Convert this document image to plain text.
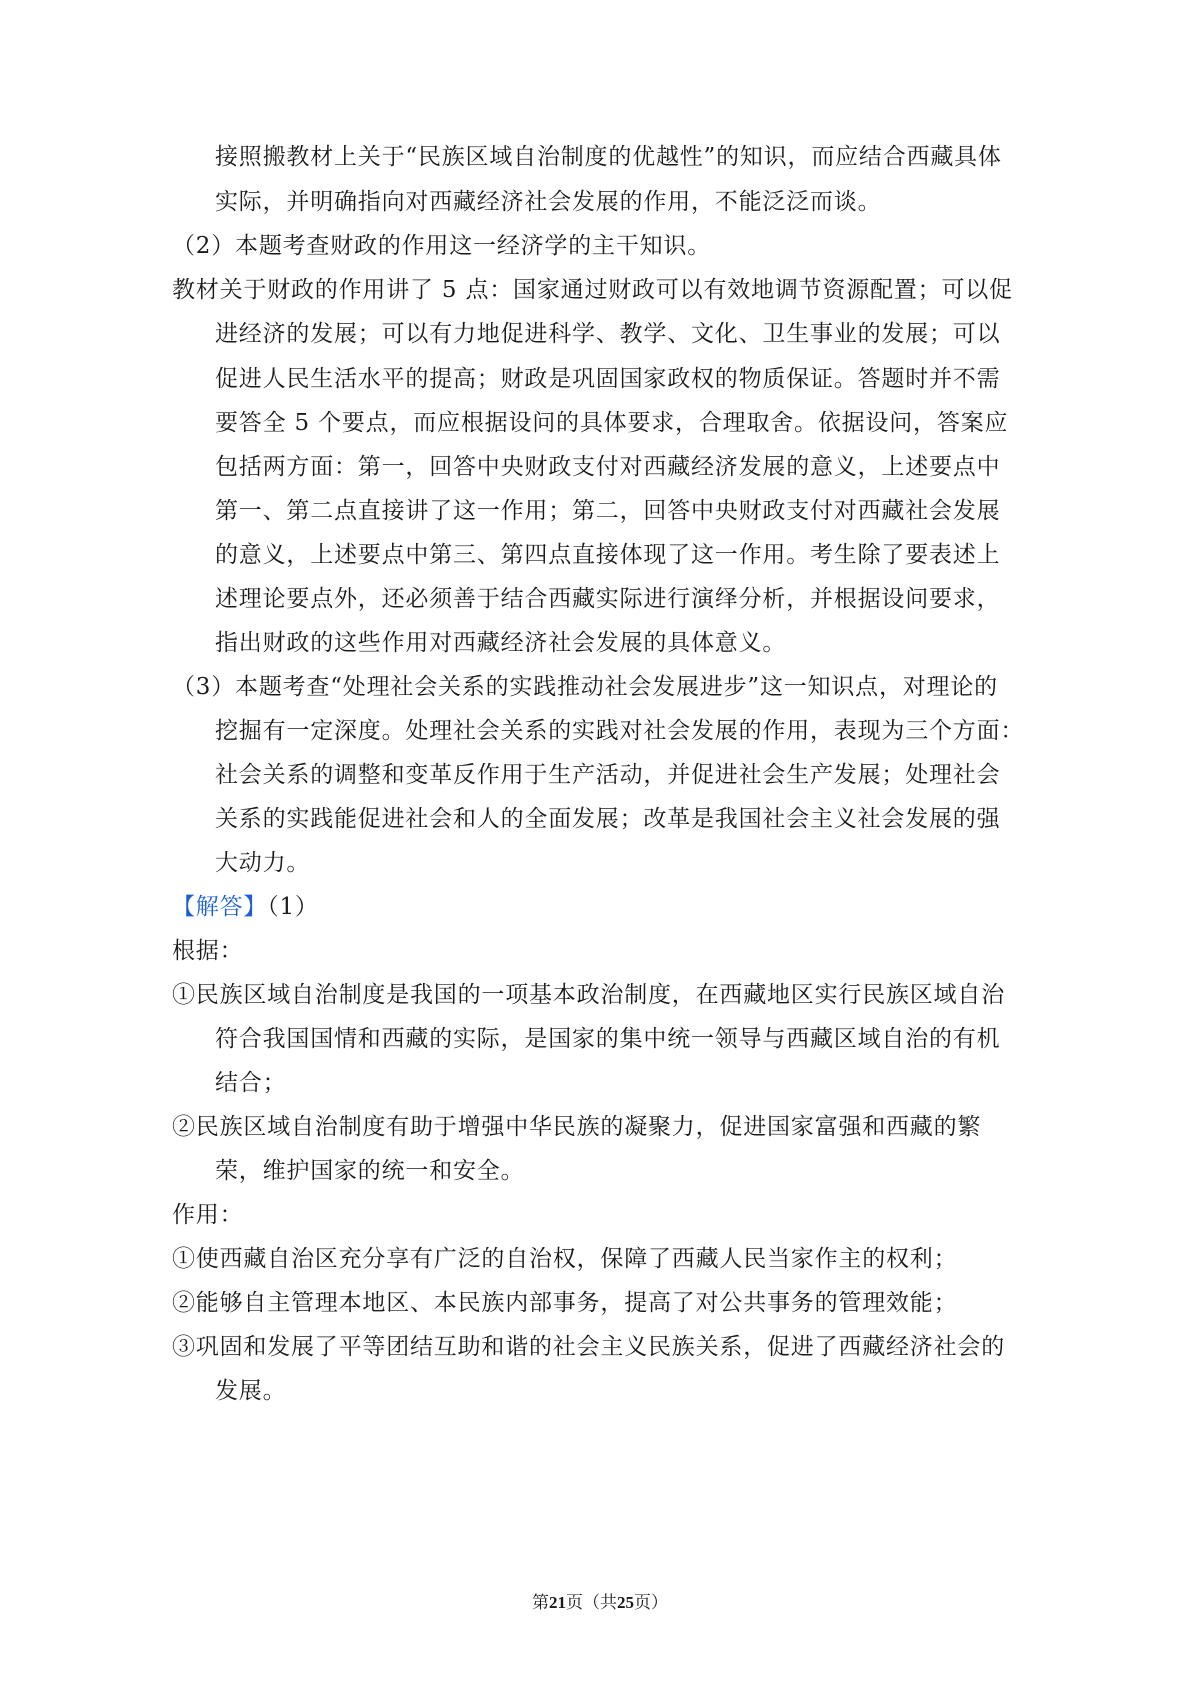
接照搬教材上关于“民族区域自治制度的优越性”的知识，而应结合西藏具体
实际，并明确指向对西藏经济社会发展的作用，不能泛泛而谈。
（2）本题考查财政的作用这一经济学的主干知识。
教材关于财政的作用讲了 5 点：国家通过财政可以有效地调节资源配置；可以促
进经济的发展；可以有力地促进科学、教学、文化、卫生事业的发展；可以
促进人民生活水平的提高；财政是巩固国家政权的物质保证。答题时并不需
要答全 5 个要点，而应根据设问的具体要求，合理取舍。依据设问，答案应
包括两方面：第一，回答中央财政支付对西藏经济发展的意义，上述要点中
第一、第二点直接讲了这一作用；第二，回答中央财政支付对西藏社会发展
的意义，上述要点中第三、第四点直接体现了这一作用。考生除了要表述上
述理论要点外，还必须善于结合西藏实际进行演绎分析，并根据设问要求，
指出财政的这些作用对西藏经济社会发展的具体意义。
（3）本题考查“处理社会关系的实践推动社会发展进步”这一知识点，对理论的
挖掘有一定深度。处理社会关系的实践对社会发展的作用，表现为三个方面：
社会关系的调整和变革反作用于生产活动，并促进社会生产发展；处理社会
关系的实践能促进社会和人的全面发展；改革是我国社会主义社会发展的强
大动力。
【解答】（1）
根据：
①民族区域自治制度是我国的一项基本政治制度，在西藏地区实行民族区域自治
符合我国国情和西藏的实际，是国家的集中统一领导与西藏区域自治的有机
结合；
②民族区域自治制度有助于增强中华民族的凝聚力，促进国家富强和西藏的繁
荣，维护国家的统一和安全。
作用：
①使西藏自治区充分享有广泛的自治权，保障了西藏人民当家作主的权利；
②能够自主管理本地区、本民族内部事务，提高了对公共事务的管理效能；
③巩固和发展了平等团结互助和谐的社会主义民族关系，促进了西藏经济社会的
发展。
第21页（共25页）
